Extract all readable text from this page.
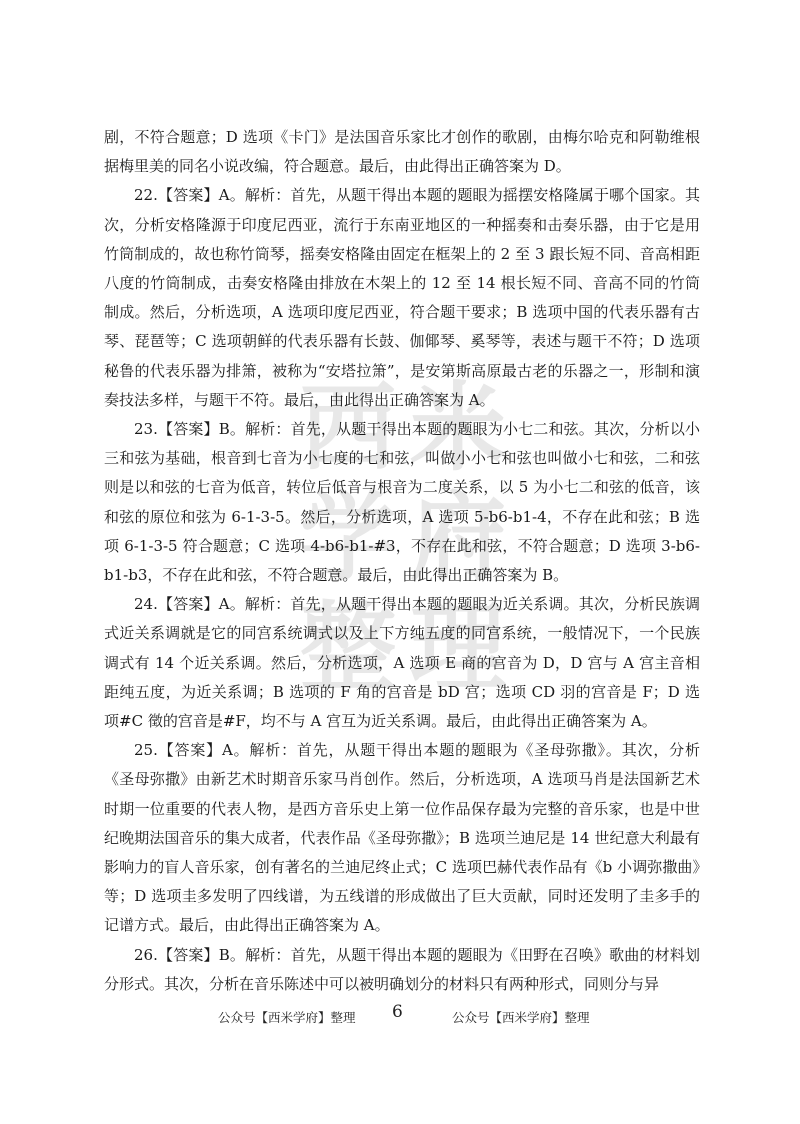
西 米
学 府
整 理

剧，不符合题意；D 选项《卡门》是法国音乐家比才创作的歌剧，由梅尔哈克和阿勒维根据梅里美的同名小说改编，符合题意。最后，由此得出正确答案为 D。

22.【答案】A。解析：首先，从题干得出本题的题眼为摇摆安格隆属于哪个国家。其次，分析安格隆源于印度尼西亚，流行于东南亚地区的一种摇奏和击奏乐器，由于它是用竹筒制成的，故也称竹筒琴，摇奏安格隆由固定在框架上的 2 至 3 跟长短不同、音高相距八度的竹筒制成，击奏安格隆由排放在木架上的 12 至 14 根长短不同、音高不同的竹筒制成。然后，分析选项，A 选项印度尼西亚，符合题干要求；B 选项中国的代表乐器有古琴、琵琶等；C 选项朝鲜的代表乐器有长鼓、伽倻琴、奚琴等，表述与题干不符；D 选项秘鲁的代表乐器为排箫，被称为“安塔拉箫”，是安第斯高原最古老的乐器之一，形制和演奏技法多样，与题干不符。最后，由此得出正确答案为 A。

23.【答案】B。解析：首先，从题干得出本题的题眼为小七二和弦。其次，分析以小三和弦为基础，根音到七音为小七度的七和弦，叫做小小七和弦也叫做小七和弦，二和弦则是以和弦的七音为低音，转位后低音与根音为二度关系，以 5 为小七二和弦的低音，该和弦的原位和弦为 6-1-3-5。然后，分析选项，A 选项 5-b6-b1-4，不存在此和弦；B 选项 6-1-3-5 符合题意；C 选项 4-b6-b1-#3，不存在此和弦，不符合题意；D 选项 3-b6-b1-b3，不存在此和弦，不符合题意。最后，由此得出正确答案为 B。

24.【答案】A。解析：首先，从题干得出本题的题眼为近关系调。其次，分析民族调式近关系调就是它的同宫系统调式以及上下方纯五度的同宫系统，一般情况下，一个民族调式有 14 个近关系调。然后，分析选项，A 选项 E 商的宫音为 D，D 宫与 A 宫主音相距纯五度，为近关系调；B 选项的 F 角的宫音是 bD 宫；选项 CD 羽的宫音是 F；D 选项#C 徵的宫音是#F，均不与 A 宫互为近关系调。最后，由此得出正确答案为 A。

25.【答案】A。解析：首先，从题干得出本题的题眼为《圣母弥撒》。其次，分析《圣母弥撒》由新艺术时期音乐家马肖创作。然后，分析选项，A 选项马肖是法国新艺术时期一位重要的代表人物，是西方音乐史上第一位作品保存最为完整的音乐家，也是中世纪晚期法国音乐的集大成者，代表作品《圣母弥撒》；B 选项兰迪尼是 14 世纪意大利最有影响力的盲人音乐家，创有著名的兰迪尼终止式；C 选项巴赫代表作品有《b 小调弥撒曲》等；D 选项圭多发明了四线谱，为五线谱的形成做出了巨大贡献，同时还发明了圭多手的记谱方式。最后，由此得出正确答案为 A。

26.【答案】B。解析：首先，从题干得出本题的题眼为《田野在召唤》歌曲的材料划分形式。其次，分析在音乐陈述中可以被明确划分的材料只有两种形式，同则分与异

公众号【西米学府】整理 6	公众号【西米学府】整理
